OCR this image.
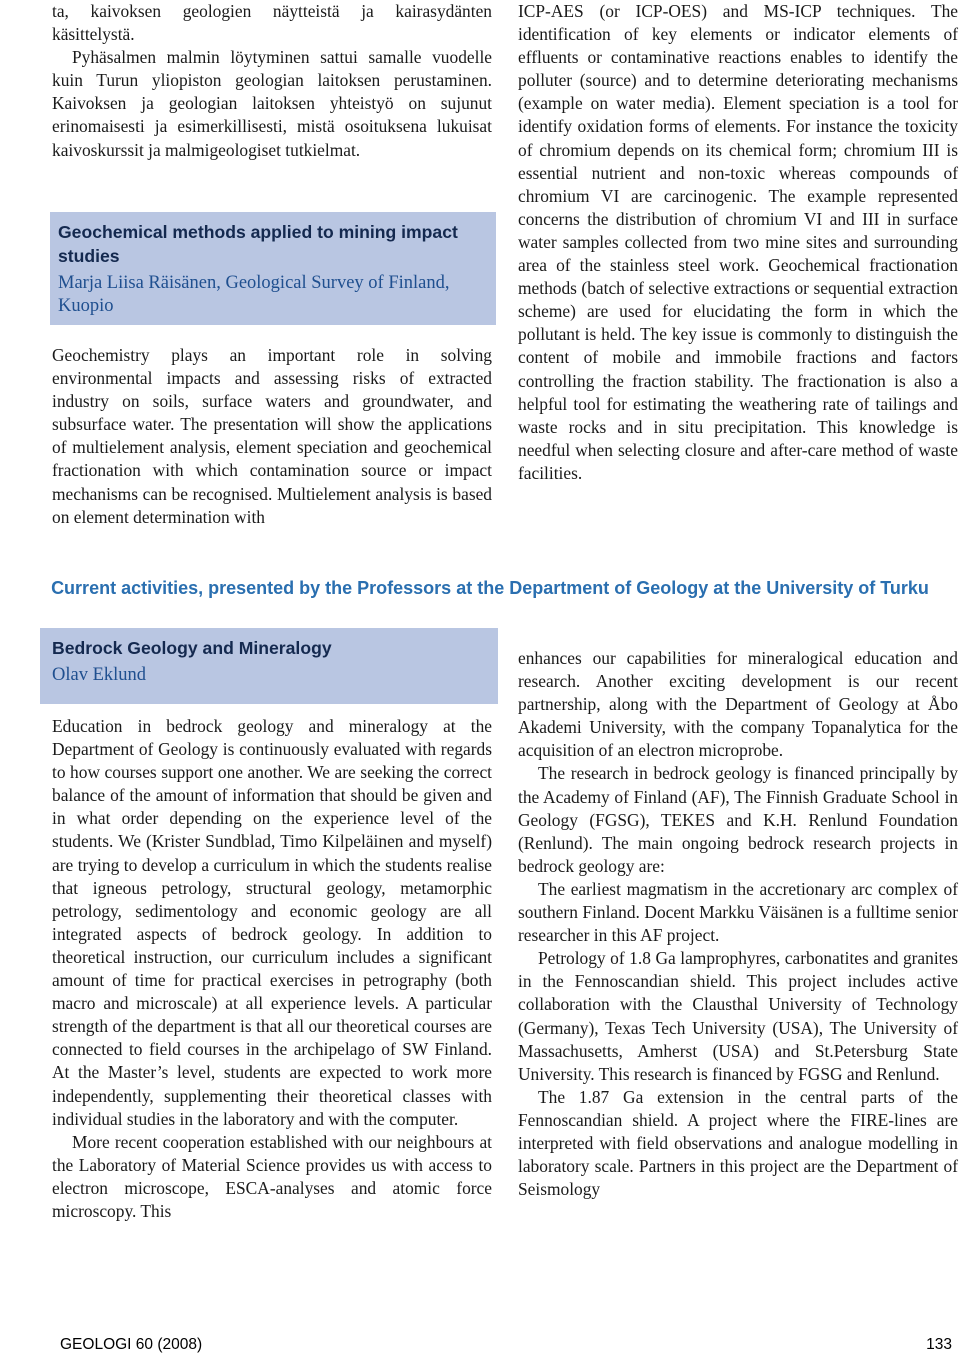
ta, kaivoksen geologien näytteistä ja kairasydänten käsittelystä.

Pyhäsalmen malmin löytyminen sattui samalle vuodelle kuin Turun yliopiston geologian laitoksen perustaminen. Kaivoksen ja geologian laitoksen yhteistyö on sujunut erinomaisesti ja esimerkillisesti, mistä osoituksena lukuisat kaivoskurssit ja malmigeologiset tutkielmat.

Geochemical methods applied to mining impact studies

Marja Liisa Räisänen, Geological Survey of Finland, Kuopio

Geochemistry plays an important role in solving environmental impacts and assessing risks of extracted industry on soils, surface waters and groundwater, and subsurface water. The presentation will show the applications of multielement analysis, element speciation and geochemical fractionation with which contamination source or impact mechanisms can be recognised. Multielement analysis is based on element determination with

ICP-AES (or ICP-OES) and MS-ICP techniques. The identification of key elements or indicator elements of effluents or contaminative reactions enables to identify the polluter (source) and to determine deteriorating mechanisms (example on water media). Element speciation is a tool for identify oxidation forms of elements. For instance the toxicity of chromium depends on its chemical form; chromium III is essential nutrient and non-toxic whereas compounds of chromium VI are carcinogenic. The example represented concerns the distribution of chromium VI and III in surface water samples collected from two mine sites and surrounding area of the stainless steel work. Geochemical fractionation methods (batch of selective extractions or sequential extraction scheme) are used for elucidating the form in which the pollutant is held. The key issue is commonly to distinguish the content of mobile and immobile fractions and factors controlling the fraction stability. The fractionation is also a helpful tool for estimating the weathering rate of tailings and waste rocks and in situ precipitation. This knowledge is needful when selecting closure and after-care method of waste facilities.

Current activities, presented by the Professors at the Department of Geology at the University of Turku

Bedrock Geology and Mineralogy

Olav Eklund

Education in bedrock geology and mineralogy at the Department of Geology is continuously evaluated with regards to how courses support one another. We are seeking the correct balance of the amount of information that should be given and in what order depending on the experience level of the students. We (Krister Sundblad, Timo Kilpeläinen and myself) are trying to develop a curriculum in which the students realise that igneous petrology, structural geology, metamorphic petrology, sedimentology and economic geology are all integrated aspects of bedrock geology. In addition to theoretical instruction, our curriculum includes a significant amount of time for practical exercises in petrography (both macro and microscale) at all experience levels. A particular strength of the department is that all our theoretical courses are connected to field courses in the archipelago of SW Finland. At the Master’s level, students are expected to work more independently, supplementing their theoretical classes with individual studies in the laboratory and with the computer.

More recent cooperation established with our neighbours at the Laboratory of Material Science provides us with access to electron microscope, ESCA-analyses and atomic force microscopy. This

enhances our capabilities for mineralogical education and research. Another exciting development is our recent partnership, along with the Department of Geology at Åbo Akademi University, with the company Topanalytica for the acquisition of an electron microprobe.

The research in bedrock geology is financed principally by the Academy of Finland (AF), The Finnish Graduate School in Geology (FGSG), TEKES and K.H. Renlund Foundation (Renlund). The main ongoing bedrock research projects in bedrock geology are:

The earliest magmatism in the accretionary arc complex of southern Finland. Docent Markku Väisänen is a fulltime senior researcher in this AF project.

Petrology of 1.8 Ga lamprophyres, carbonatites and granites in the Fennoscandian shield. This project includes active collaboration with the Clausthal University of Technology (Germany), Texas Tech University (USA), The University of Massachusetts, Amherst (USA) and St.Petersburg State University. This research is financed by FGSG and Renlund.

The 1.87 Ga extension in the central parts of the Fennoscandian shield. A project where the FIRE-lines are interpreted with field observations and analogue modelling in laboratory scale. Partners in this project are the Department of Seismology

GEOLOGI 60 (2008)	133
